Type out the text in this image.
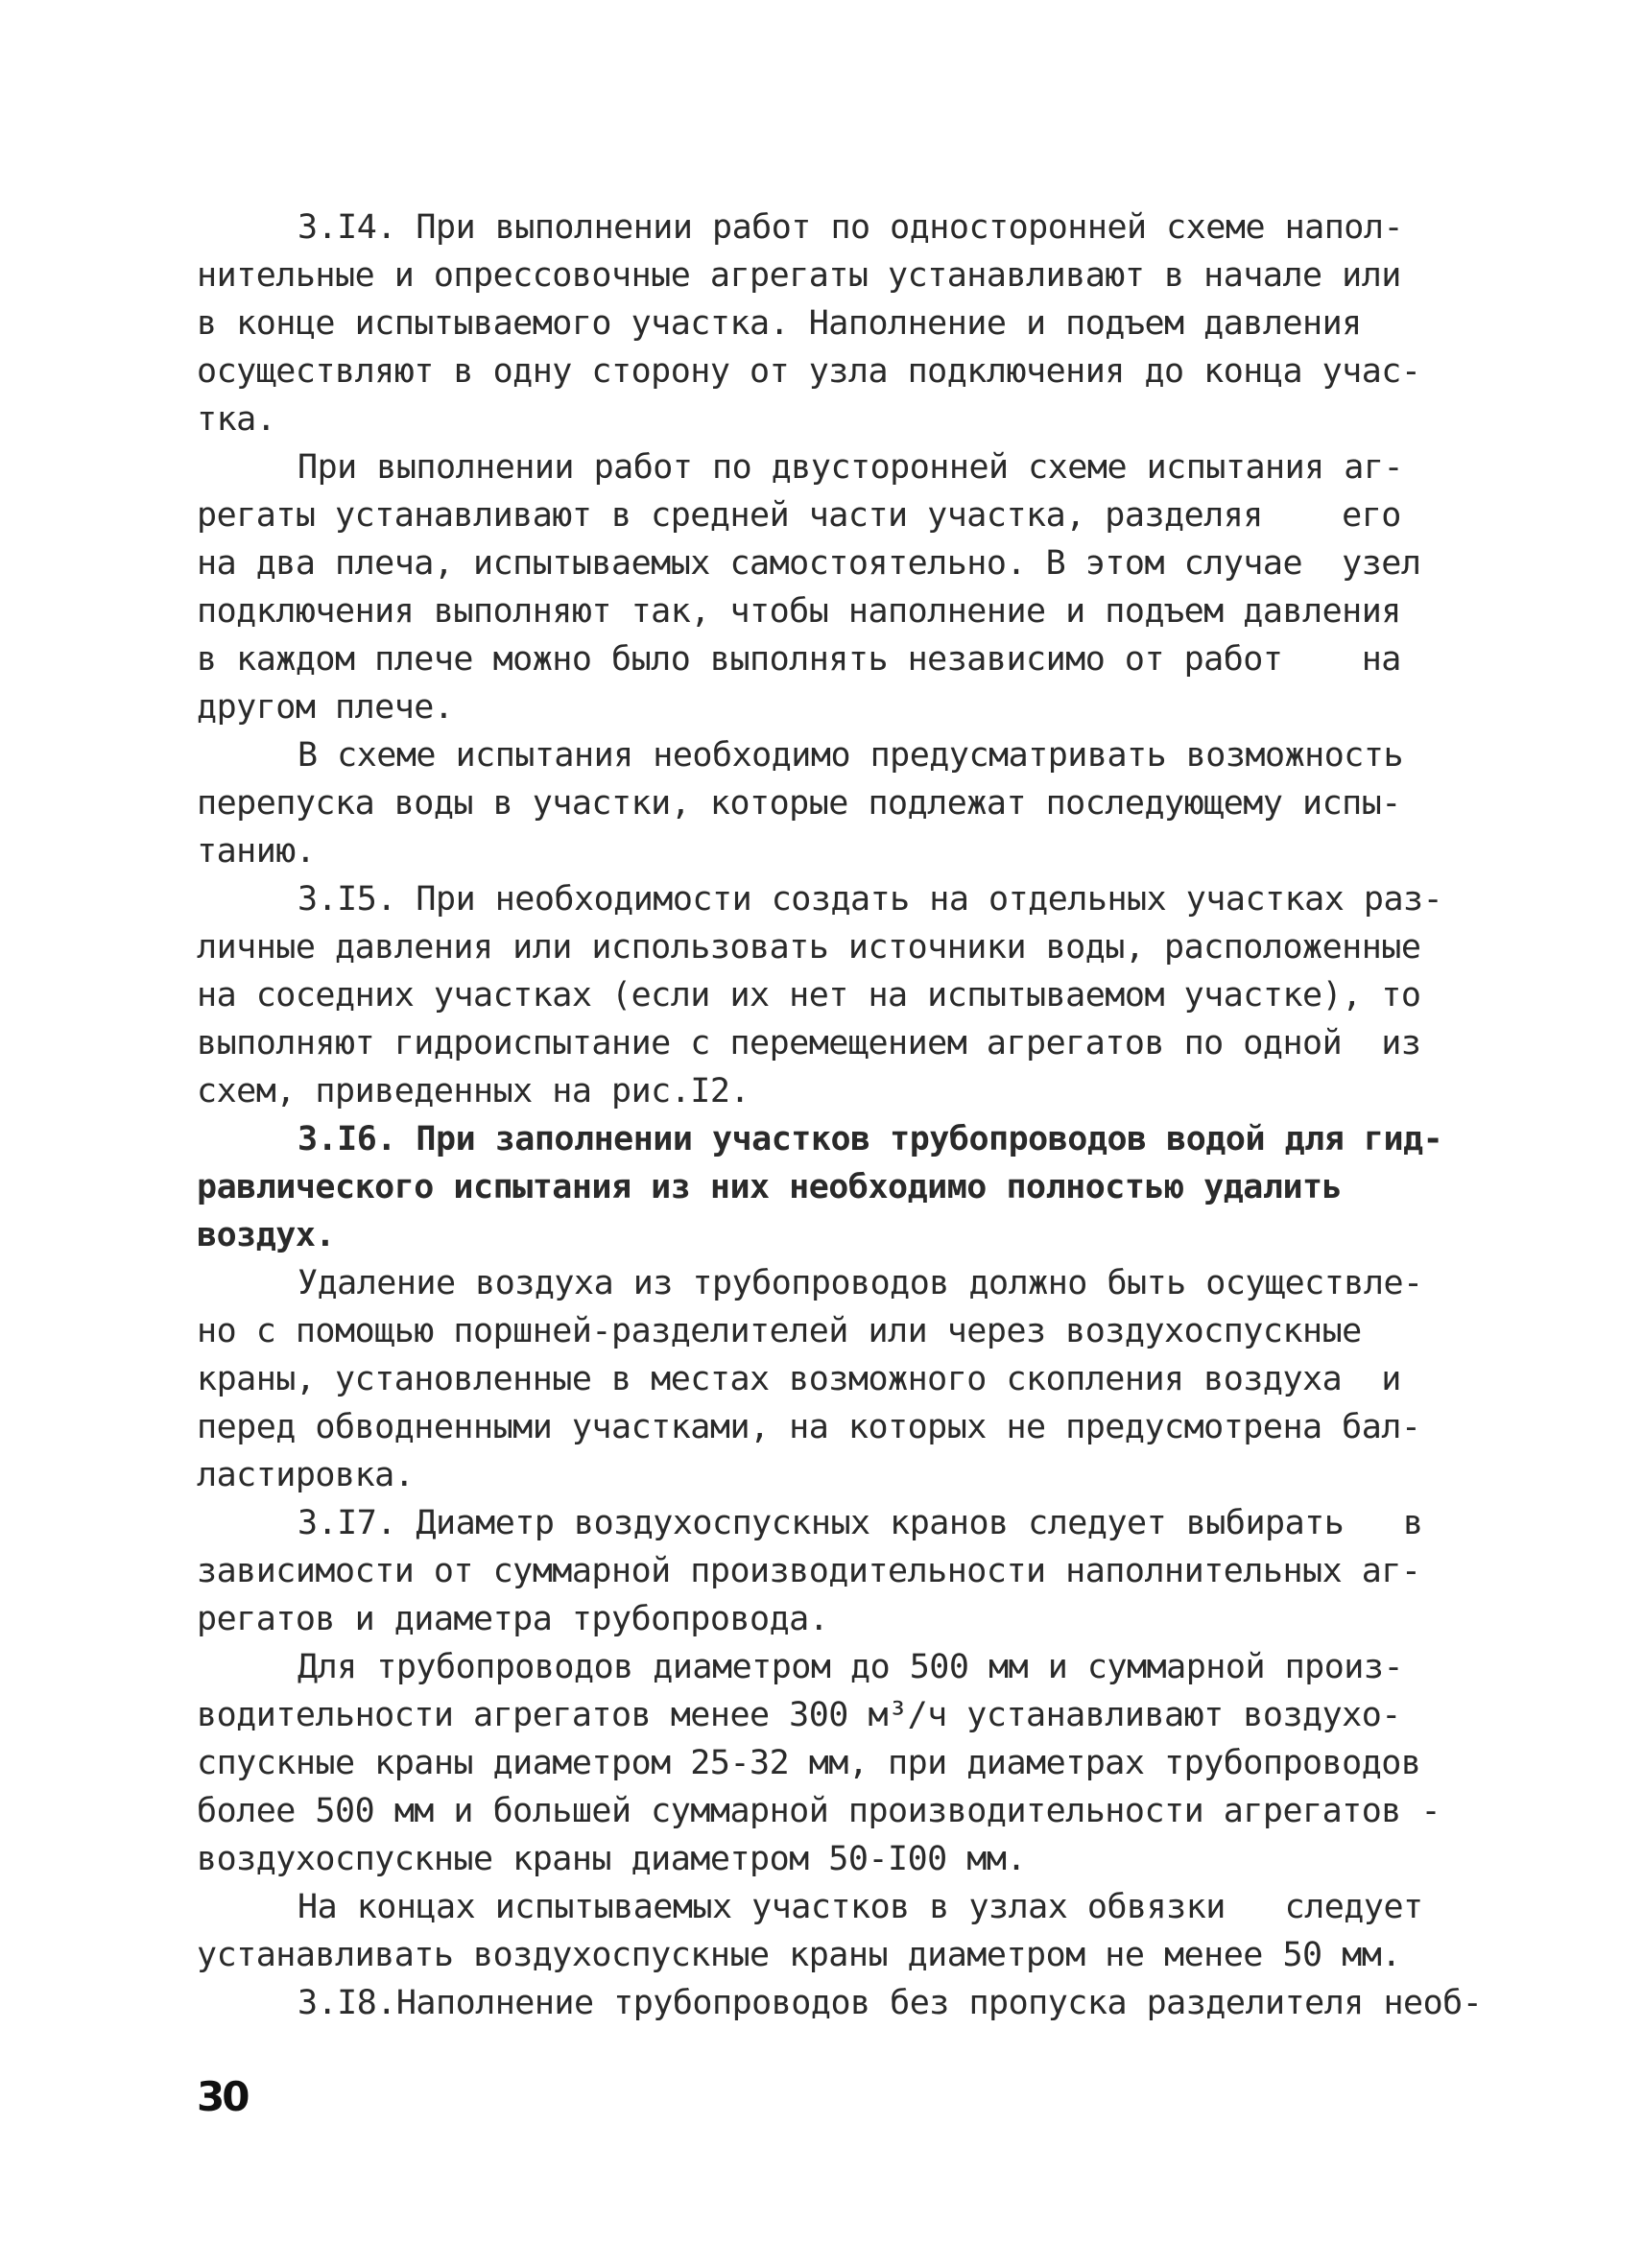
3.I4. При выполнении работ по односторонней схеме напол-
нительные и опрессовочные агрегаты устанавливают в начале или
в конце испытываемого участка. Наполнение и подъем давления
осуществляют в одну сторону от узла подключения до конца учас-
тка.
При выполнении работ по двусторонней схеме испытания аг-
регаты устанавливают в средней части участка, разделяя    его
на два плеча, испытываемых самостоятельно. В этом случае  узел
подключения выполняют так, чтобы наполнение и подъем давления
в каждом плече можно было выполнять независимо от работ    на
другом плече.
В схеме испытания необходимо предусматривать возможность
перепуска воды в участки, которые подлежат последующему испы-
танию.
3.I5. При необходимости создать на отдельных участках раз-
личные давления или использовать источники воды, расположенные
на соседних участках (если их нет на испытываемом участке), то
выполняют гидроиспытание с перемещением агрегатов по одной  из
схем, приведенных на рис.I2.
3.I6. При заполнении участков трубопроводов водой для гид-
равлического испытания из них необходимо полностью удалить
воздух.
Удаление воздуха из трубопроводов должно быть осуществле-
но с помощью поршней-разделителей или через воздухоспускные
краны, установленные в местах возможного скопления воздуха  и
перед обводненными участками, на которых не предусмотрена бал-
ластировка.
3.I7. Диаметр воздухоспускных кранов следует выбирать   в
зависимости от суммарной производительности наполнительных аг-
регатов и диаметра трубопровода.
Для трубопроводов диаметром до 500 мм и суммарной произ-
водительности агрегатов менее 300 м³/ч устанавливают воздухо-
спускные краны диаметром 25-32 мм, при диаметрах трубопроводов
более 500 мм и большей суммарной производительности агрегатов -
воздухоспускные краны диаметром 50-I00 мм.
На концах испытываемых участков в узлах обвязки   следует
устанавливать воздухоспускные краны диаметром не менее 50 мм.
3.I8.Наполнение трубопроводов без пропуска разделителя необ-
30
